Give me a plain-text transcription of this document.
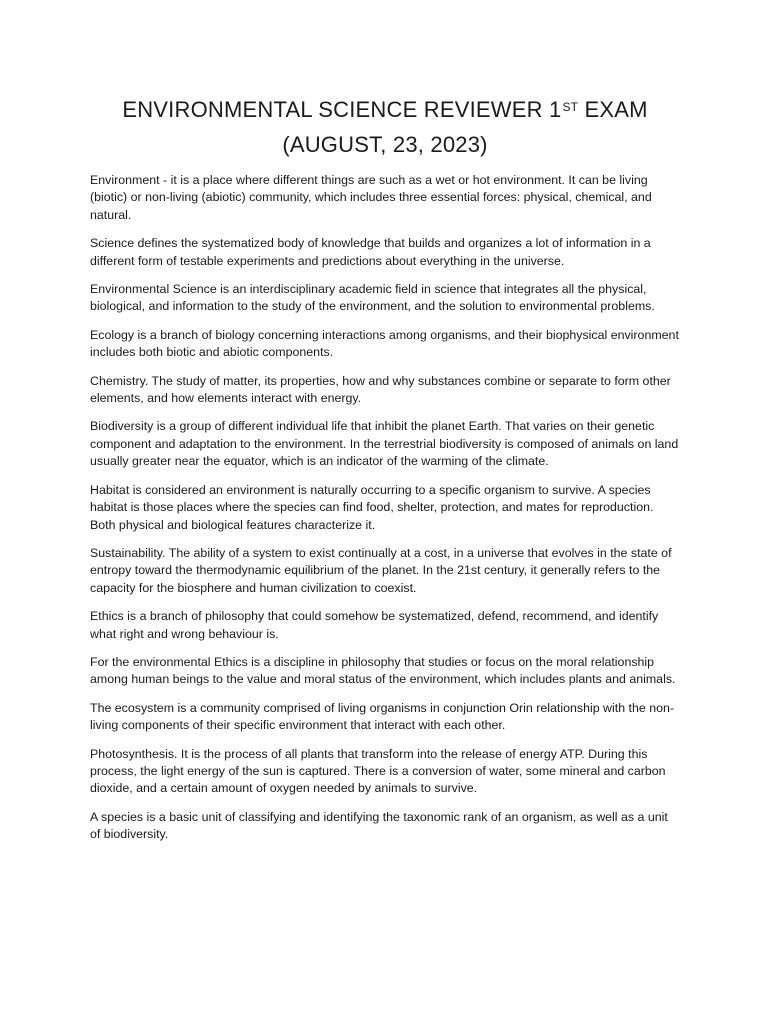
ENVIRONMENTAL SCIENCE REVIEWER 1ST EXAM
(AUGUST, 23, 2023)

Environment - it is a place where different things are such as a wet or hot environment. It can be living (biotic) or non-living (abiotic) community, which includes three essential forces: physical, chemical, and natural.

Science defines the systematized body of knowledge that builds and organizes a lot of information in a different form of testable experiments and predictions about everything in the universe.

Environmental Science is an interdisciplinary academic field in science that integrates all the physical, biological, and information to the study of the environment, and the solution to environmental problems.

Ecology is a branch of biology concerning interactions among organisms, and their biophysical environment includes both biotic and abiotic components.

Chemistry. The study of matter, its properties, how and why substances combine or separate to form other elements, and how elements interact with energy.

Biodiversity is a group of different individual life that inhibit the planet Earth. That varies on their genetic component and adaptation to the environment. In the terrestrial biodiversity is composed of animals on land usually greater near the equator, which is an indicator of the warming of the climate.

Habitat is considered an environment is naturally occurring to a specific organism to survive. A species habitat is those places where the species can find food, shelter, protection, and mates for reproduction. Both physical and biological features characterize it.

Sustainability. The ability of a system to exist continually at a cost, in a universe that evolves in the state of entropy toward the thermodynamic equilibrium of the planet. In the 21st century, it generally refers to the capacity for the biosphere and human civilization to coexist.

Ethics is a branch of philosophy that could somehow be systematized, defend, recommend, and identify what right and wrong behaviour is.

For the environmental Ethics is a discipline in philosophy that studies or focus on the moral relationship among human beings to the value and moral status of the environment, which includes plants and animals.

The ecosystem is a community comprised of living organisms in conjunction Orin relationship with the non-living components of their specific environment that interact with each other.

Photosynthesis. It is the process of all plants that transform into the release of energy ATP. During this process, the light energy of the sun is captured. There is a conversion of water, some mineral and carbon dioxide, and a certain amount of oxygen needed by animals to survive.

A species is a basic unit of classifying and identifying the taxonomic rank of an organism, as well as a unit of biodiversity.
